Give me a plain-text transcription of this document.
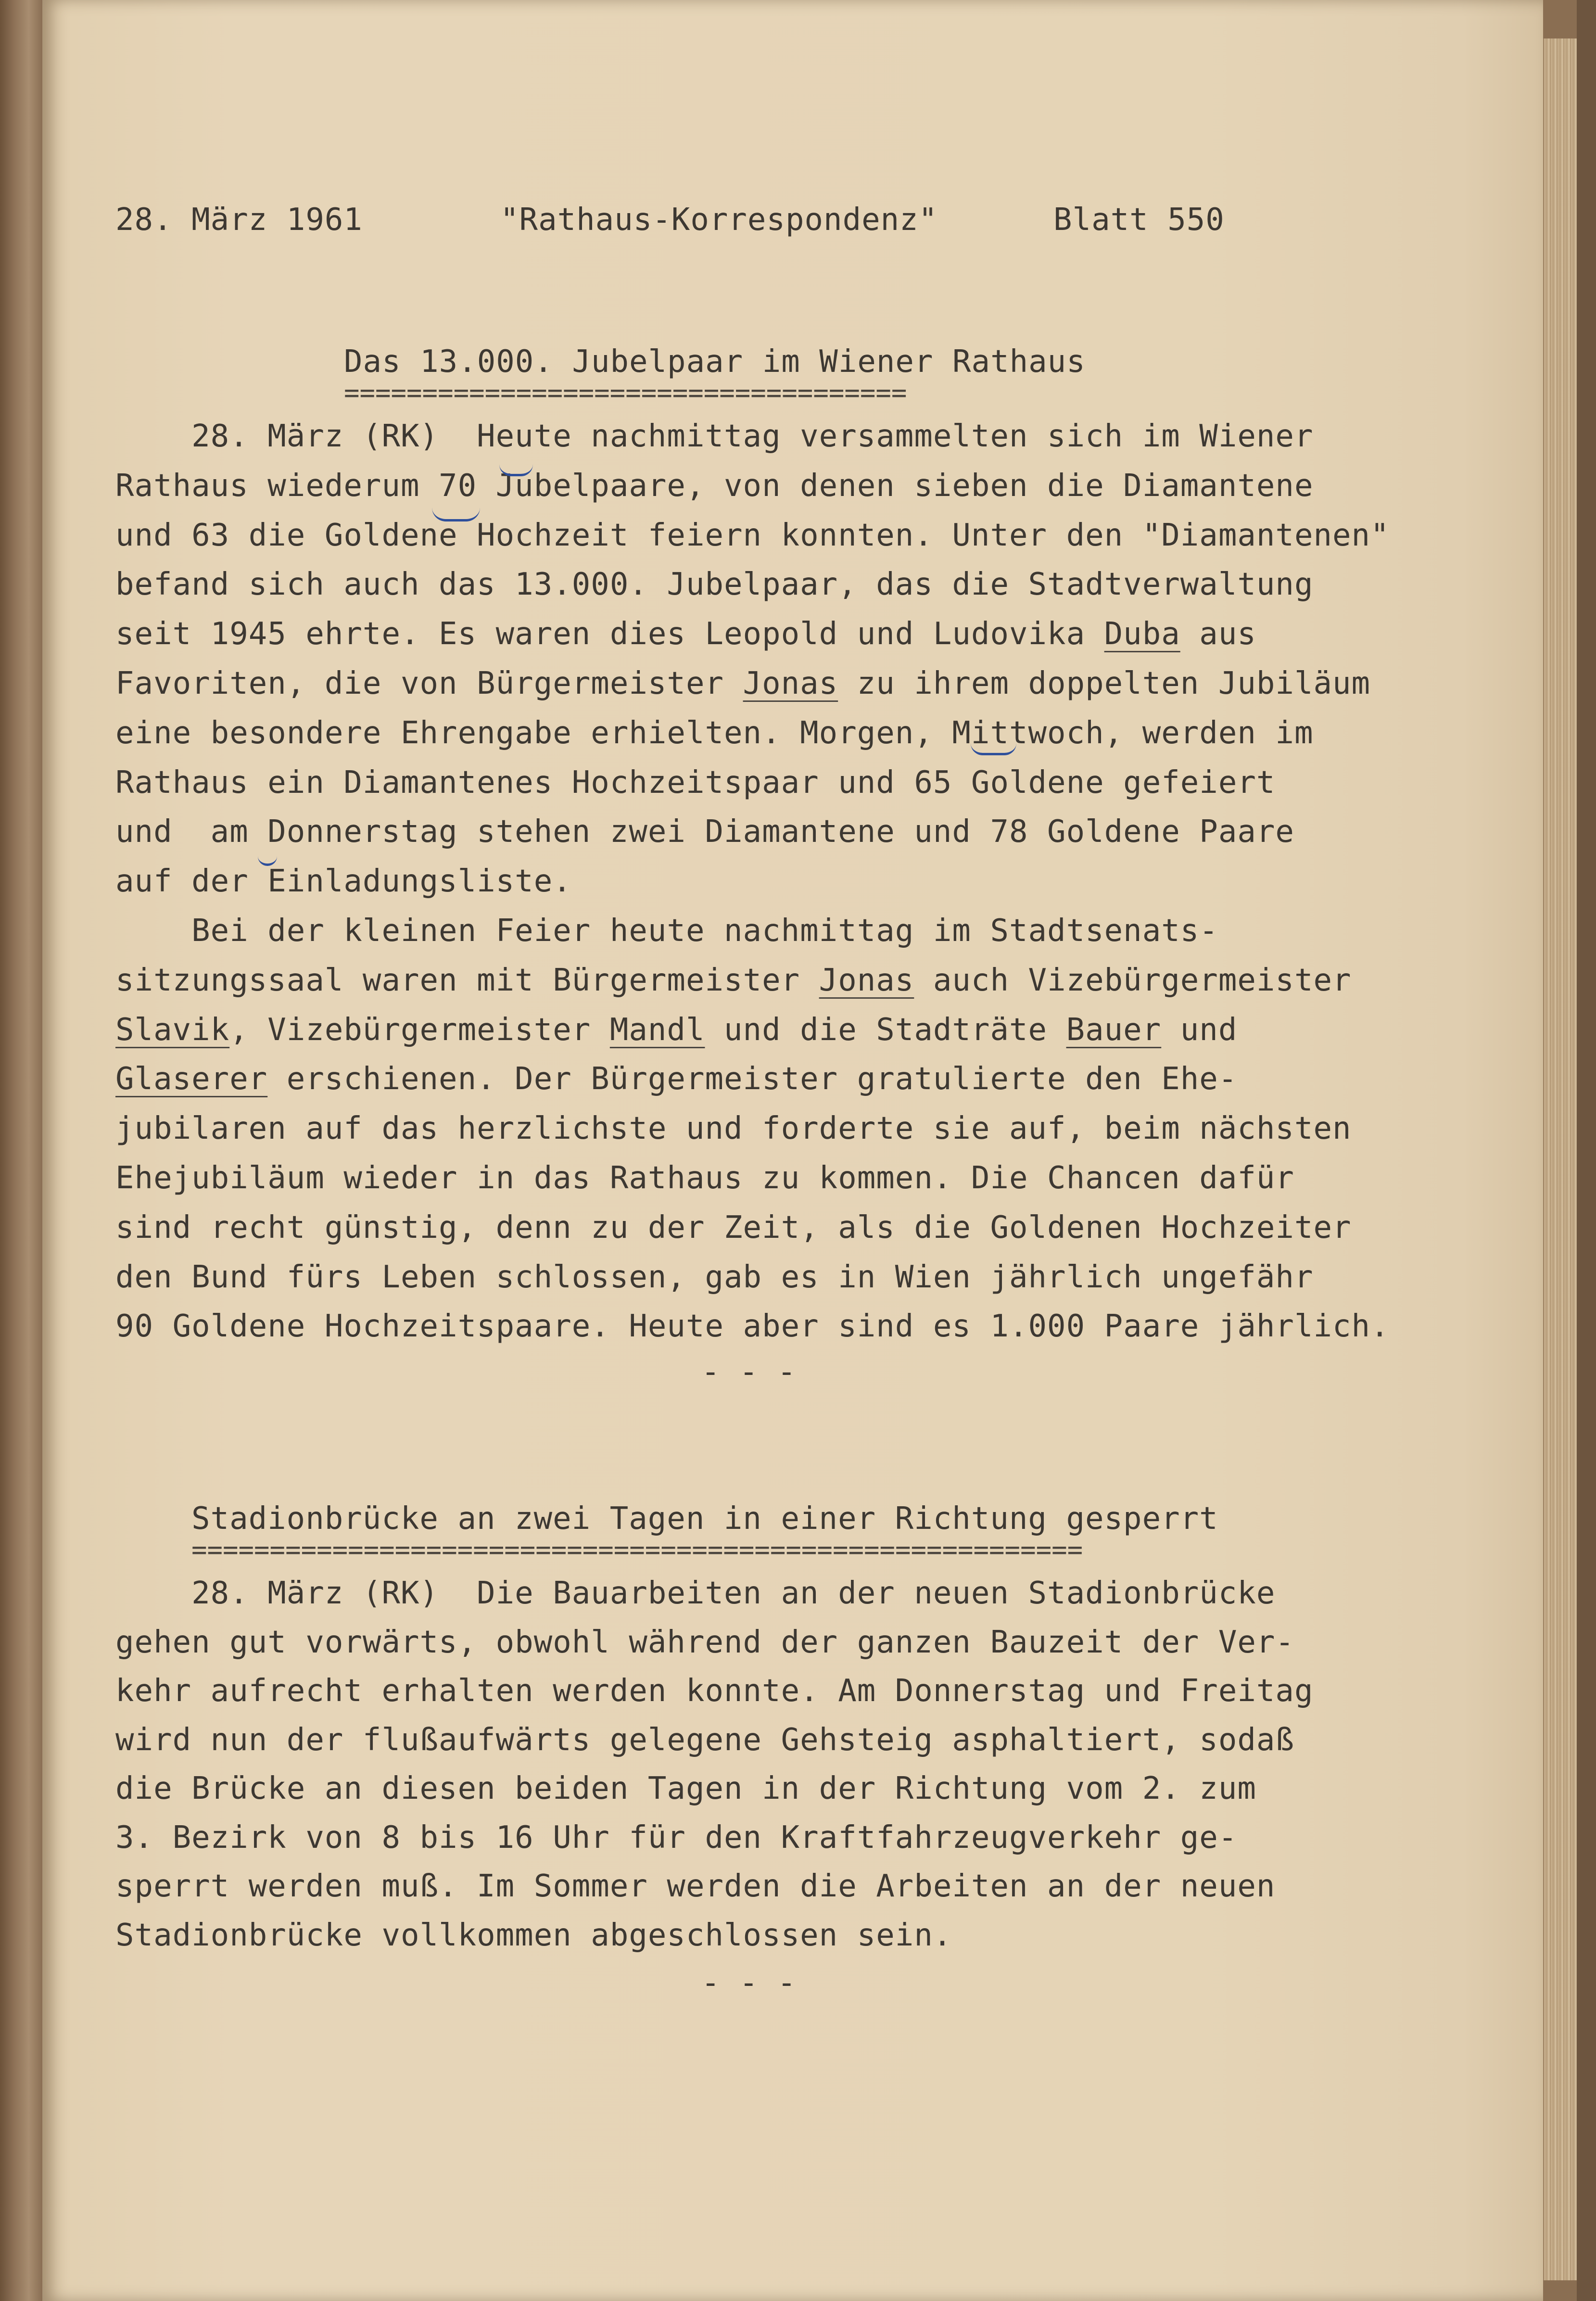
28. März 1961

	"Rathaus-Korrespondenz"

	Blatt 550

Das 13.000. Jubelpaar im Wiener Rathaus

====================================

28. März (RK)  Heute nachmittag versammelten sich im Wiener
Rathaus wiederum 70 Jubelpaare, von denen sieben die Diamantene
und 63 die Goldene Hochzeit feiern konnten. Unter den "Diamantenen"
befand sich auch das 13.000. Jubelpaar, das die Stadtverwaltung
seit 1945 ehrte. Es waren dies Leopold und Ludovika Duba aus
Favoriten, die von Bürgermeister Jonas zu ihrem doppelten Jubiläum
eine besondere Ehrengabe erhielten. Morgen, Mittwoch, werden im
Rathaus ein Diamantenes Hochzeitspaar und 65 Goldene gefeiert
und  am Donnerstag stehen zwei Diamantene und 78 Goldene Paare
auf der Einladungsliste.
Bei der kleinen Feier heute nachmittag im Stadtsenats-
sitzungssaal waren mit Bürgermeister Jonas auch Vizebürgermeister
Slavik, Vizebürgermeister Mandl und die Stadträte Bauer und
Glaserer erschienen. Der Bürgermeister gratulierte den Ehe-
jubilaren auf das herzlichste und forderte sie auf, beim nächsten
Ehejubiläum wieder in das Rathaus zu kommen. Die Chancen dafür
sind recht günstig, denn zu der Zeit, als die Goldenen Hochzeiter
den Bund fürs Leben schlossen, gab es in Wien jährlich ungefähr
90 Goldene Hochzeitspaare. Heute aber sind es 1.000 Paare jährlich.

- - -

Stadionbrücke an zwei Tagen in einer Richtung gesperrt

=========================================================

28. März (RK)  Die Bauarbeiten an der neuen Stadionbrücke
gehen gut vorwärts, obwohl während der ganzen Bauzeit der Ver-
kehr aufrecht erhalten werden konnte. Am Donnerstag und Freitag
wird nun der flußaufwärts gelegene Gehsteig asphaltiert, sodaß
die Brücke an diesen beiden Tagen in der Richtung vom 2. zum
3. Bezirk von 8 bis 16 Uhr für den Kraftfahrzeugverkehr ge-
sperrt werden muß. Im Sommer werden die Arbeiten an der neuen
Stadionbrücke vollkommen abgeschlossen sein.

- - -
